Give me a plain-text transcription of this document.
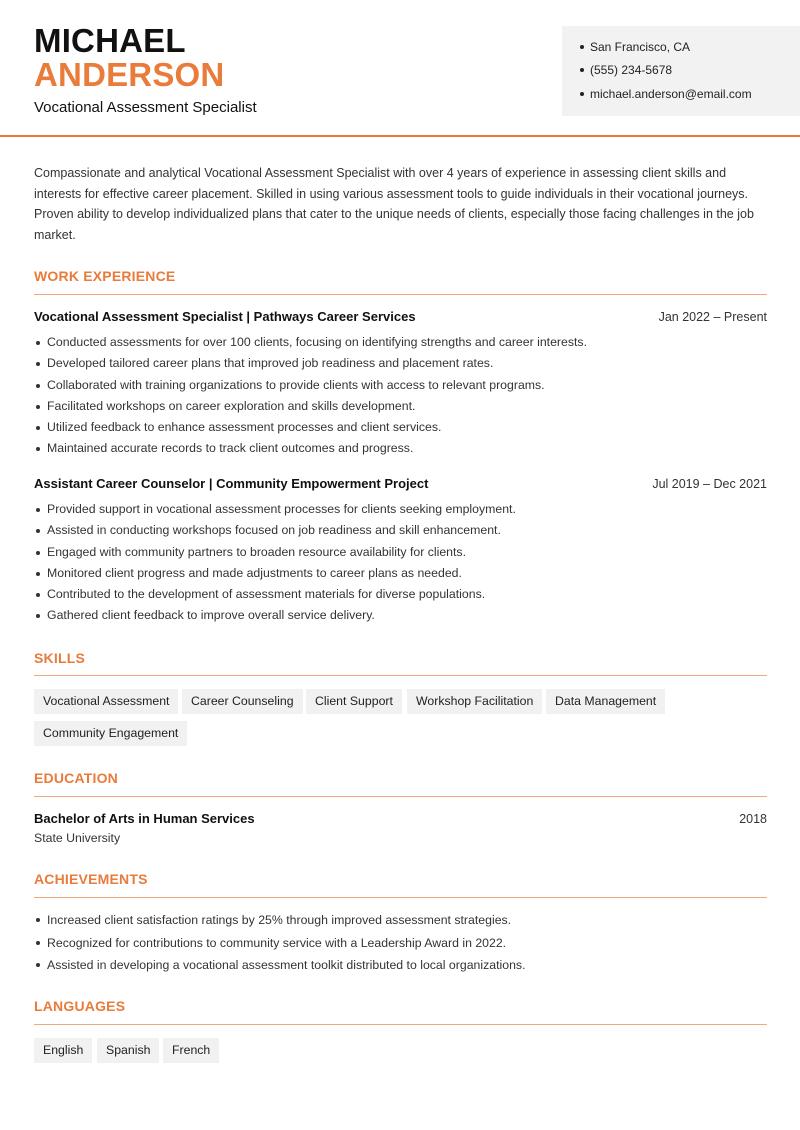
MICHAEL
ANDERSON
Vocational Assessment Specialist
San Francisco, CA
(555) 234-5678
michael.anderson@email.com

Compassionate and analytical Vocational Assessment Specialist with over 4 years of experience in assessing client skills and interests for effective career placement. Skilled in using various assessment tools to guide individuals in their vocational journeys. Proven ability to develop individualized plans that cater to the unique needs of clients, especially those facing challenges in the job market.

WORK EXPERIENCE
Vocational Assessment Specialist | Pathways Career Services	Jan 2022 – Present
Conducted assessments for over 100 clients, focusing on identifying strengths and career interests.
Developed tailored career plans that improved job readiness and placement rates.
Collaborated with training organizations to provide clients with access to relevant programs.
Facilitated workshops on career exploration and skills development.
Utilized feedback to enhance assessment processes and client services.
Maintained accurate records to track client outcomes and progress.
Assistant Career Counselor | Community Empowerment Project	Jul 2019 – Dec 2021
Provided support in vocational assessment processes for clients seeking employment.
Assisted in conducting workshops focused on job readiness and skill enhancement.
Engaged with community partners to broaden resource availability for clients.
Monitored client progress and made adjustments to career plans as needed.
Contributed to the development of assessment materials for diverse populations.
Gathered client feedback to improve overall service delivery.
SKILLS
Vocational Assessment	Career Counseling	Client Support	Workshop Facilitation	Data Management
Community Engagement
EDUCATION
Bachelor of Arts in Human Services	2018
State University
ACHIEVEMENTS
Increased client satisfaction ratings by 25% through improved assessment strategies.
Recognized for contributions to community service with a Leadership Award in 2022.
Assisted in developing a vocational assessment toolkit distributed to local organizations.
LANGUAGES
English	Spanish	French
